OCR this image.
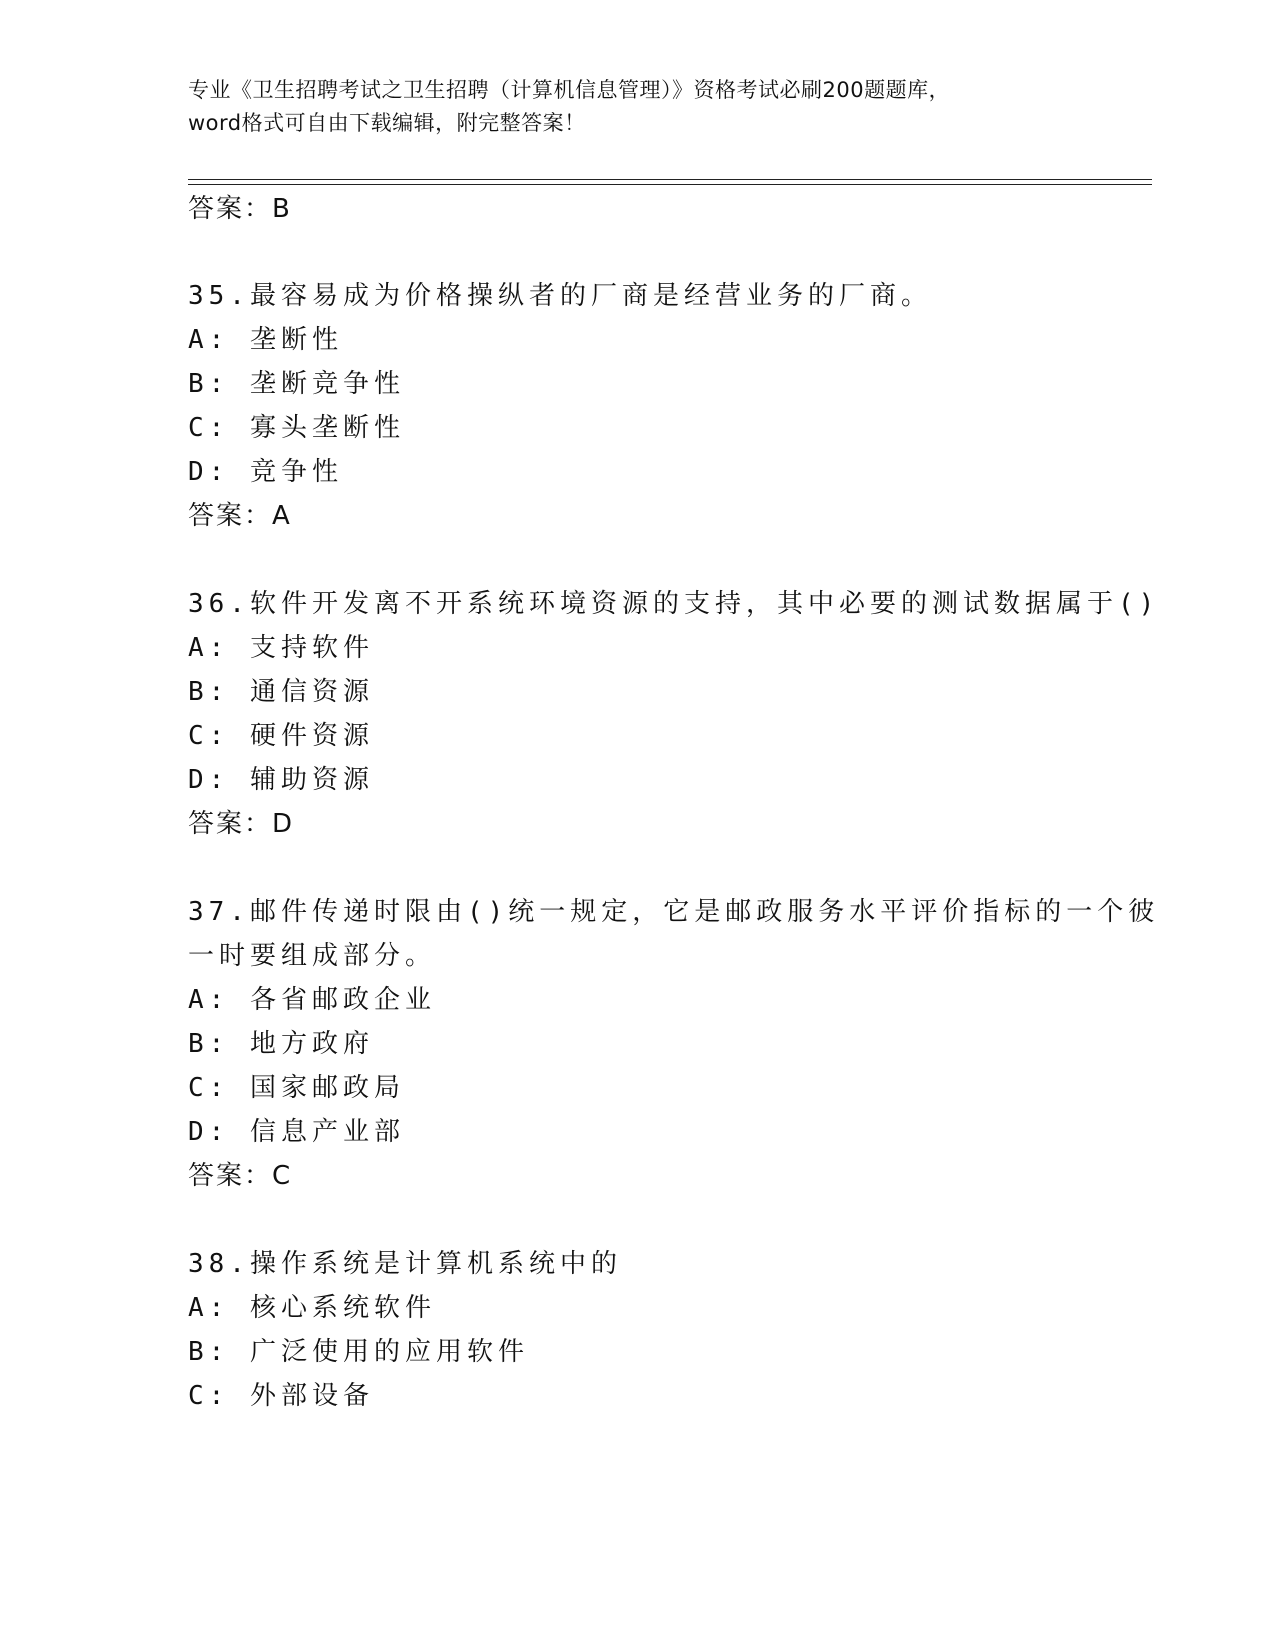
专业《卫生招聘考试之卫生招聘（计算机信息管理）》资格考试必刷200题题库，
word格式可自由下载编辑，附完整答案！
答案：B
35.最容易成为价格操纵者的厂商是经营业务的厂商。
A: 垄断性
B: 垄断竞争性
C: 寡头垄断性
D: 竞争性
答案：A
36.软件开发离不开系统环境资源的支持，其中必要的测试数据属于()
A: 支持软件
B: 通信资源
C: 硬件资源
D: 辅助资源
答案：D
37.邮件传递时限由()统一规定，它是邮政服务水平评价指标的一个彼
一时要组成部分。
A: 各省邮政企业
B: 地方政府
C: 国家邮政局
D: 信息产业部
答案：C
38.操作系统是计算机系统中的
A: 核心系统软件
B: 广泛使用的应用软件
C: 外部设备
